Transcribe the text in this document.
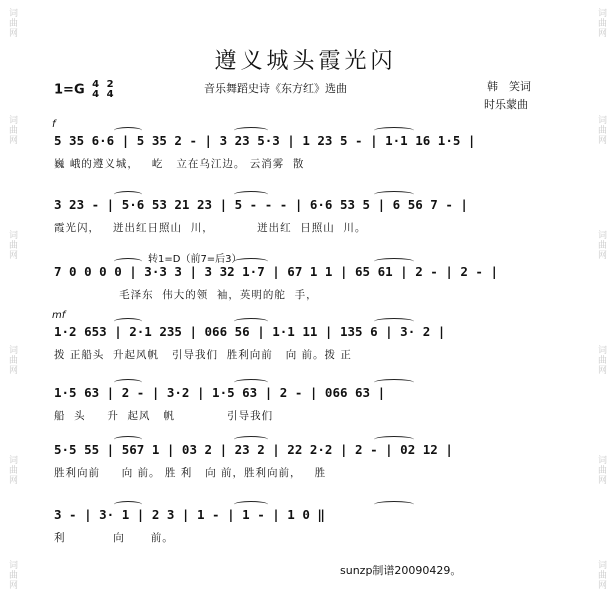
词曲网
词曲网
词曲网
词曲网
词曲网
词曲网
词曲网
词曲网
词曲网
词曲网
词曲网
词曲网
遵义城头霞光闪
1=G 4
4

2
4	音乐舞蹈史诗《东方红》选曲	韩　笑词
时乐蒙曲
f
5 35 6·6 | 5 35 2 - | 3 23 5·3 | 1 23 5 - | 1·1 16 1·5 |
巍 峨的遵义城，   屹   立在乌江边。 云消雾  散
3 23 - | 5·6 53 21 23 | 5 - - - | 6·6 53 5 | 6 56 7 - |
霞光闪，   迸出红日照山  川，          迸出红  日照山  川。
转1=D（前7=后3）
7 0 0 0 0 | 3·3 3 | 3 32 1·7 | 67 1 1 | 65 61 | 2 - | 2 - |
毛泽东  伟大的领  袖，英明的舵  手，
mf
1·2 653 | 2·1 235 | 066 56 | 1·1 11 | 135 6 | 3· 2 |
拨 正船头  升起风帆   引导我们  胜利向前   向 前。拨 正
1·5 63 | 2 - | 3·2 | 1·5 63 | 2 - | 066 63 |
船  头     升  起风   帆            引导我们
5·5 55 | 567 1 | 03 2 | 23 2 | 22 2·2 | 2 - | 02 12 |
胜利向前     向 前。 胜 利   向 前，胜利向前，   胜
3 - | 3· 1 | 2 3 | 1 - | 1 - | 1 0 ‖
利           向      前。
sunzp制谱20090429。
